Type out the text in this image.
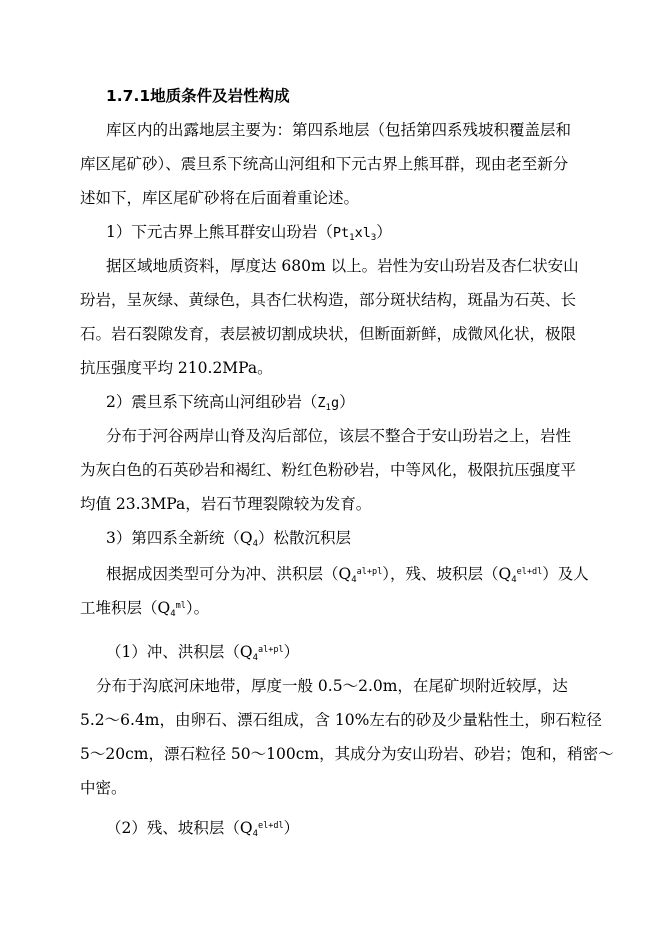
1.7.1地质条件及岩性构成
库区内的出露地层主要为：第四系地层（包括第四系残坡积覆盖层和
库区尾矿砂）、震旦系下统高山河组和下元古界上熊耳群，现由老至新分
述如下，库区尾矿砂将在后面着重论述。
1）下元古界上熊耳群安山玢岩$(Pt_1xl_3)$
据区域地质资料，厚度达 680m 以上。岩性为安山玢岩及杏仁状安山
玢岩，呈灰绿、黄绿色，具杏仁状构造，部分斑状结构，斑晶为石英、长
石。岩石裂隙发育，表层被切割成块状，但断面新鲜，成微风化状，极限
抗压强度平均 210.2MPa。
2）震旦系下统高山河组砂岩$(Z_1g)$
分布于河谷两岸山脊及沟后部位，该层不整合于安山玢岩之上，岩性
为灰白色的石英砂岩和褐红、粉红色粉砂岩，中等风化，极限抗压强度平
均值 23.3MPa，岩石节理裂隙较为发育。
3）第四系全新统$(Q_4)$松散沉积层
根据成因类型可分为冲、洪积层$(Q_4^{al+pl})$，残、坡积层$(Q_4^{el+dl})$及人
工堆积层$(Q_4^{ml})$。
（1）冲、洪积层$(Q_4^{al+pl})$
分布于沟底河床地带，厚度一般 0.5～2.0m，在尾矿坝附近较厚，达
5.2～6.4m，由卵石、漂石组成，含 10%左右的砂及少量粘性土，卵石粒径
5～20cm，漂石粒径 50～100cm，其成分为安山玢岩、砂岩；饱和，稍密～
中密。
（2）残、坡积层$(Q_4^{el+dl})$
